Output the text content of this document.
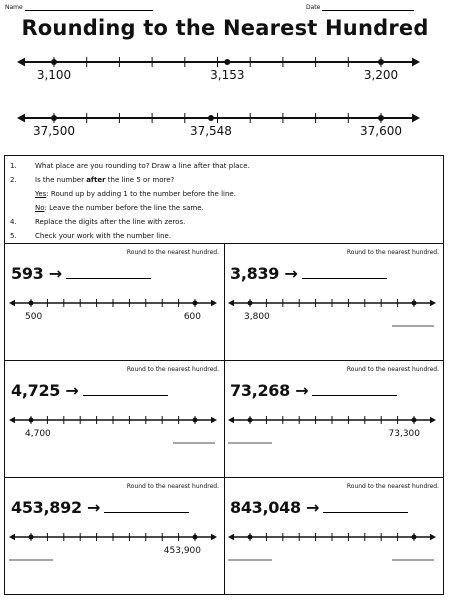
Name	Date
Rounding to the Nearest Hundred
3,100	3,153	3,200
37,500	37,548	37,600
1.	What place are you rounding to? Draw a line after that place.
2.	Is the number after the line 5 or more?
Yes: Round up by adding 1 to the number before the line.
No: Leave the number before the line the same.
4.	Replace the digits after the line with zeros.
5.	Check your work with the number line.
Round to the nearest hundred.
593 →
500	600
Round to the nearest hundred.
3,839 →
3,800
Round to the nearest hundred.
4,725 →
4,700
Round to the nearest hundred.
73,268 →
73,300
Round to the nearest hundred.
453,892 →
453,900
Round to the nearest hundred.
843,048 →
